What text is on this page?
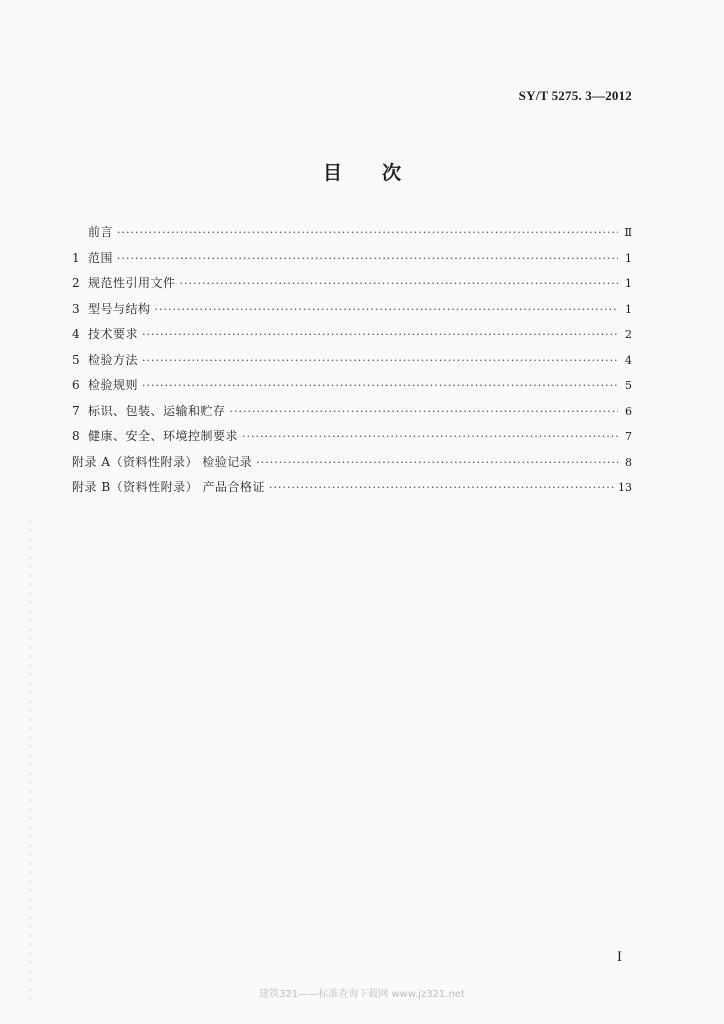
SY/T 5275. 3—2012
目 次
前言 ·····	Ⅱ
1 范围 ·····	1
2 规范性引用文件 ·····	1
3 型号与结构 ·····	1
4 技术要求 ·····	2
5 检验方法 ·····	4
6 检验规则 ·····	5
7 标识、包装、运输和贮存 ·····	6
8 健康、安全、环境控制要求 ·····	7
附录 A（资料性附录） 检验记录 ·····	8
附录 B（资料性附录） 产品合格证 ·····	13
I
建筑321——标准查询下载网 www.jz321.net
